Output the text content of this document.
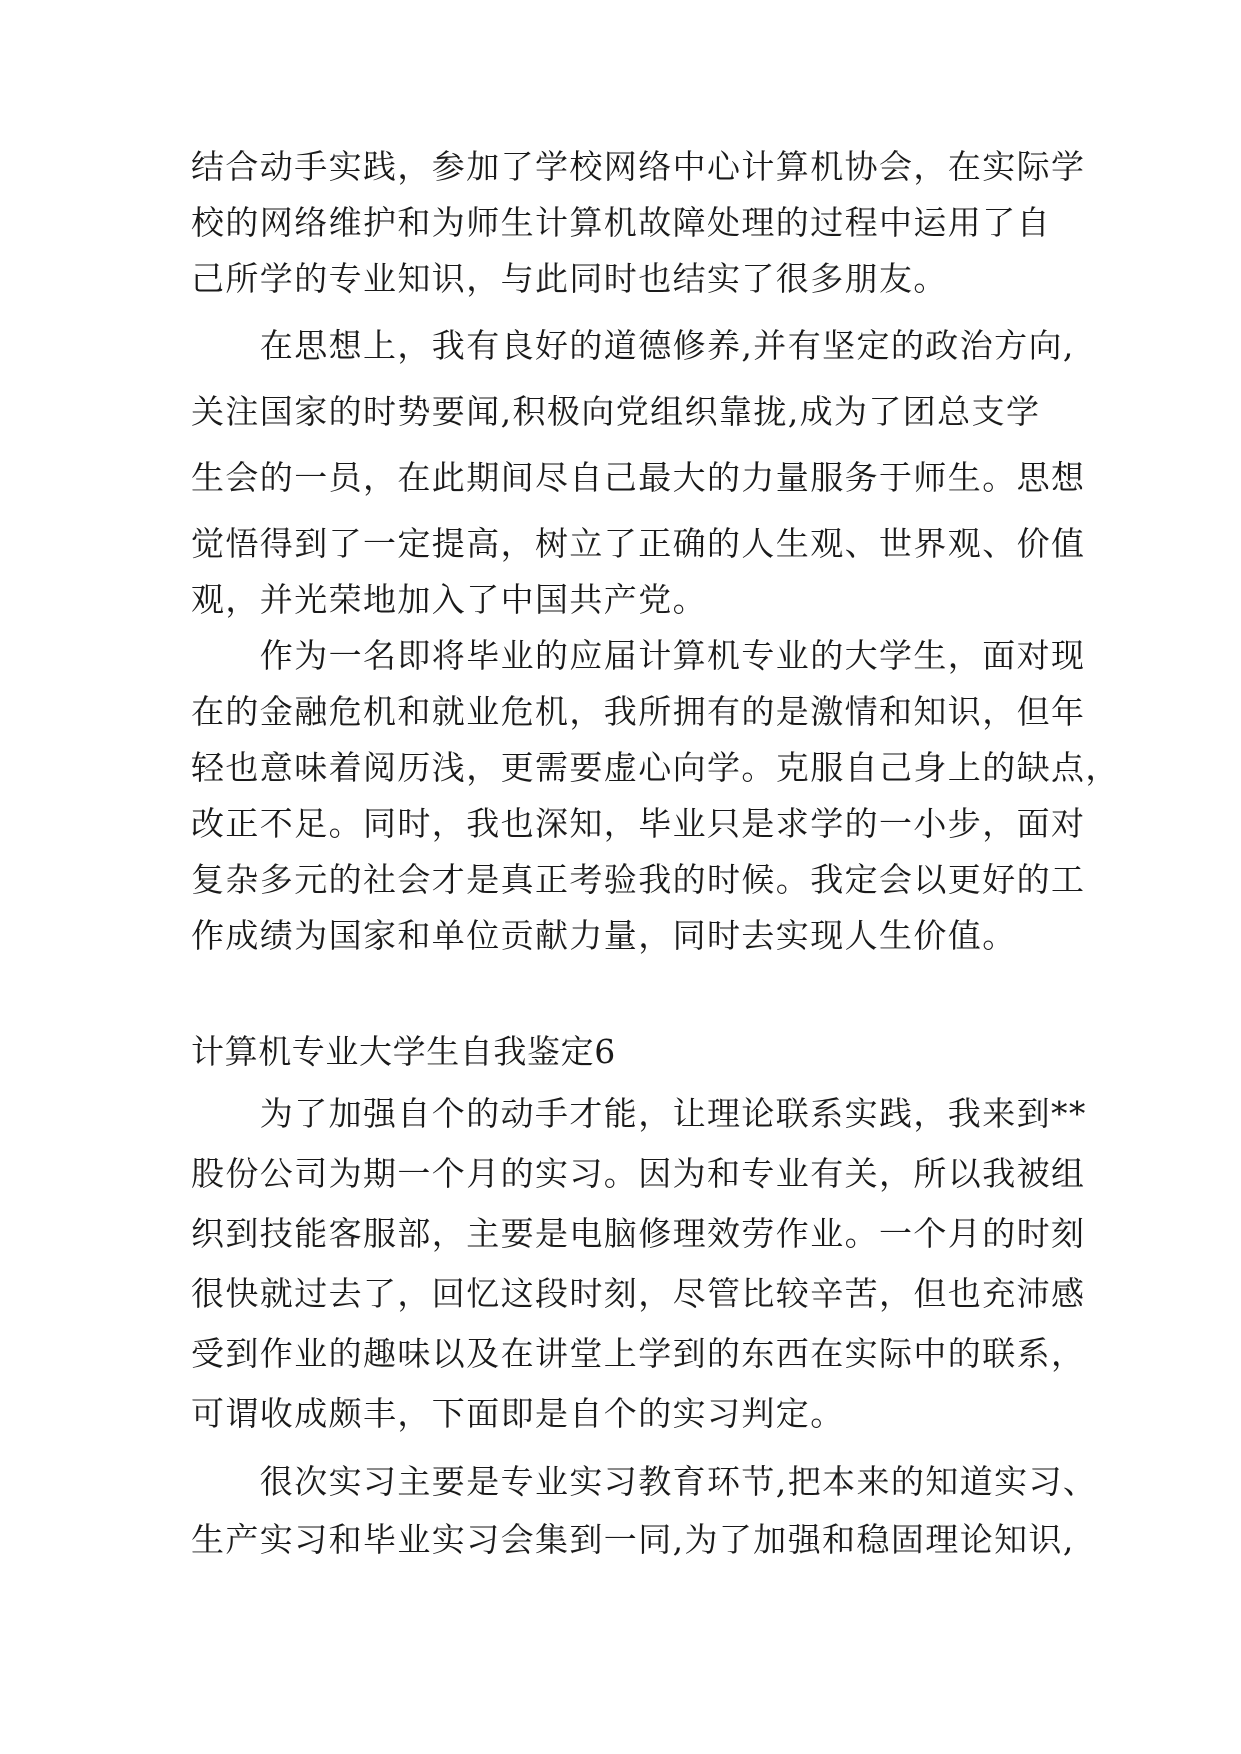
结合动手实践，参加了学校网络中心计算机协会，在实际学
校的网络维护和为师生计算机故障处理的过程中运用了自
己所学的专业知识，与此同时也结实了很多朋友。
　　在思想上，我有良好的道德修养,并有坚定的政治方向,
关注国家的时势要闻,积极向党组织靠拢,成为了团总支学
生会的一员，在此期间尽自己最大的力量服务于师生。思想
觉悟得到了一定提高，树立了正确的人生观、世界观、价值
观，并光荣地加入了中国共产党。
　　作为一名即将毕业的应届计算机专业的大学生，面对现
在的金融危机和就业危机，我所拥有的是激情和知识，但年
轻也意味着阅历浅，更需要虚心向学。克服自己身上的缺点，
改正不足。同时，我也深知，毕业只是求学的一小步，面对
复杂多元的社会才是真正考验我的时候。我定会以更好的工
作成绩为国家和单位贡献力量，同时去实现人生价值。
计算机专业大学生自我鉴定6
　　为了加强自个的动手才能，让理论联系实践，我来到**
股份公司为期一个月的实习。因为和专业有关，所以我被组
织到技能客服部，主要是电脑修理效劳作业。一个月的时刻
很快就过去了，回忆这段时刻，尽管比较辛苦，但也充沛感
受到作业的趣味以及在讲堂上学到的东西在实际中的联系，
可谓收成颇丰，下面即是自个的实习判定。
　　很次实习主要是专业实习教育环节,把本来的知道实习、
生产实习和毕业实习会集到一同,为了加强和稳固理论知识,
